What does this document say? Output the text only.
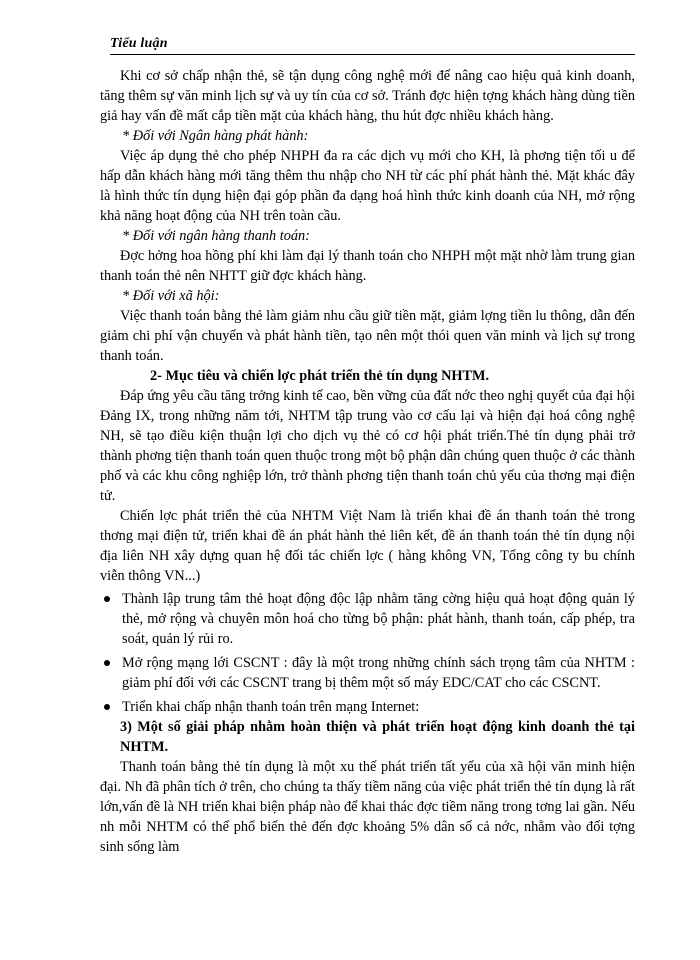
Tiểu luận

Khi cơ sở chấp nhận thẻ, sẽ tận dụng công nghệ mới để nâng cao hiệu quả kinh doanh, tăng thêm sự văn minh lịch sự và uy tín của cơ sở. Tránh đợc hiện tợng khách hàng dùng tiền giả hay vấn đề mất cắp tiền mặt của khách hàng, thu hút đợc nhiều khách hàng.

* Đối với Ngân hàng phát hành:

Việc áp dụng thẻ cho phép NHPH đa ra các dịch vụ mới cho KH, là phơng tiện tối u để hấp dẫn khách hàng mới tăng thêm thu nhập cho NH từ các phí phát hành thẻ. Mặt khác đây là hình thức tín dụng hiện đại góp phần đa dạng hoá hình thức kinh doanh của NH, mở rộng khả năng hoạt động của NH trên toàn cầu.

* Đối với ngân hàng thanh toán:

Đợc hởng hoa hồng phí khi làm đại lý thanh toán cho NHPH một mặt nhờ làm trung gian thanh toán thẻ nên NHTT giữ đợc khách hàng.

* Đối với xã hội:

Việc thanh toán bằng thẻ làm giảm nhu cầu giữ tiền mặt, giảm lợng tiền lu thông, dẫn đến giảm chi phí vận chuyển và phát hành tiền, tạo nên một thói quen văn minh và lịch sự trong thanh toán.

2- Mục tiêu và chiến lợc phát triển thẻ tín dụng NHTM.

Đáp ứng yêu cầu tăng trởng kinh tế cao, bền vững của đất nớc theo nghị quyết của đại hội Đảng IX, trong những năm tới, NHTM tập trung vào cơ cấu lại và hiện đại hoá công nghệ NH, sẽ tạo điều kiện thuận lợi cho dịch vụ thẻ có cơ hội phát triển.Thẻ tín dụng phải trở thành phơng tiện thanh toán quen thuộc trong một bộ phận dân chúng quen thuộc ở các thành phố và các khu công nghiệp lớn, trở thành phơng tiện thanh toán chủ yếu của thơng mại điện tử.

Chiến lợc phát triển thẻ của NHTM Việt Nam là triển khai đề án thanh toán thẻ trong thơng mại điện tử, triển khai đề án phát hành thẻ liên kết, đề án thanh toán thẻ tín dụng nội địa liên NH xây dựng quan hệ đối tác chiến lợc ( hàng không VN, Tổng công ty bu chính viễn thông VN...)

Thành lập trung tâm thẻ hoạt động độc lập nhằm tăng cờng hiệu quả hoạt động quản lý thẻ, mở rộng và chuyên môn hoá cho từng bộ phận: phát hành, thanh toán, cấp phép, tra soát, quản lý rủi ro.
Mở rộng mạng lới CSCNT : đây là một trong những chính sách trọng tâm của NHTM : giảm phí đối với các CSCNT trang bị thêm một số máy EDC/CAT cho các CSCNT.
Triển khai chấp nhận thanh toán trên mạng Internet:

3) Một số giải pháp nhằm hoàn thiện và phát triển hoạt động kinh doanh thẻ tại NHTM.

Thanh toán bằng thẻ tín dụng là một xu thế phát triển tất yếu của xã hội văn minh hiện đại. Nh đã phân tích ở trên, cho chúng ta thấy tiềm năng của việc phát triển thẻ tín dụng là rất lớn,vấn đề là NH triển khai biện pháp nào để khai thác đợc tiềm năng trong tơng lai gần. Nếu nh mỗi NHTM có thể phổ biến thẻ đến đợc khoảng 5% dân số cả nớc, nhằm vào đối tợng sinh sống làm
